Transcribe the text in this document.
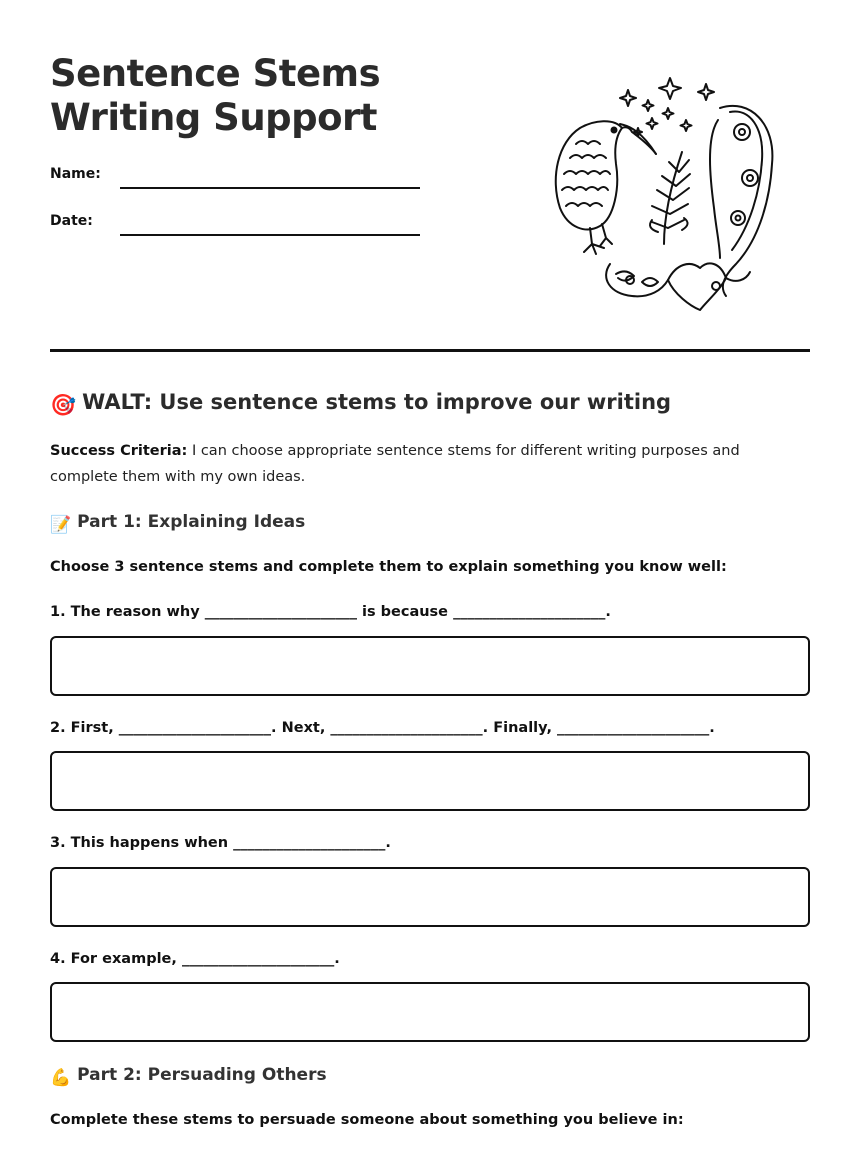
Sentence Stems Writing Support
Name:
Date:
🎯 WALT: Use sentence stems to improve our writing

Success Criteria: I can choose appropriate sentence stems for different writing purposes and complete them with my own ideas.

📝 Part 1: Explaining Ideas

Choose 3 sentence stems and complete them to explain something you know well:

1. The reason why _____________________ is because _____________________.

2. First, _____________________. Next, _____________________. Finally, _____________________.

3. This happens when _____________________.

4. For example, _____________________.

💪 Part 2: Persuading Others

Complete these stems to persuade someone about something you believe in:
